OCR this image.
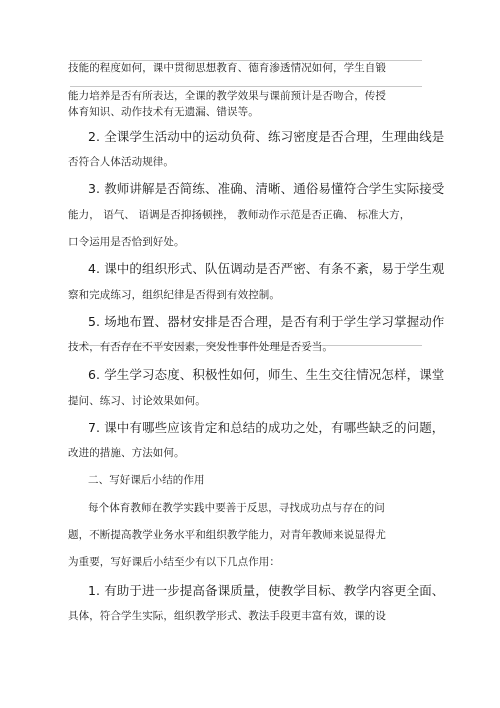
技能的程度如何，课中贯彻思想教育、德育渗透情况如何，学生自锻
能力培养是否有所表达，全课的教学效果与课前预计是否吻合，传授
体育知识、动作技术有无遗漏、错误等。
2. 全课学生活动中的运动负荷、练习密度是否合理，生理曲线是
否符合人体活动规律。
3. 教师讲解是否简练、准确、清晰、通俗易懂符合学生实际接受
能力， 语气、 语调是否抑扬顿挫， 教师动作示范是否正确、 标准大方，
口令运用是否恰到好处。
4. 课中的组织形式、队伍调动是否严密、有条不紊，易于学生观
察和完成练习，组织纪律是否得到有效控制。
5. 场地布置、器材安排是否合理，是否有利于学生学习掌握动作
技术，有否存在不平安因素，突发性事件处理是否妥当。
6. 学生学习态度、积极性如何，师生、生生交往情况怎样，课堂
提问、练习、讨论效果如何。
7. 课中有哪些应该肯定和总结的成功之处，有哪些缺乏的问题，
改进的措施、方法如何。
二、写好课后小结的作用
每个体育教师在教学实践中要善于反思，寻找成功点与存在的问
题，不断提高教学业务水平和组织教学能力，对青年教师来说显得尤
为重要，写好课后小结至少有以下几点作用：
1. 有助于进一步提高备课质量，使教学目标、教学内容更全面、
具体，符合学生实际，组织教学形式、教法手段更丰富有效，课的设
